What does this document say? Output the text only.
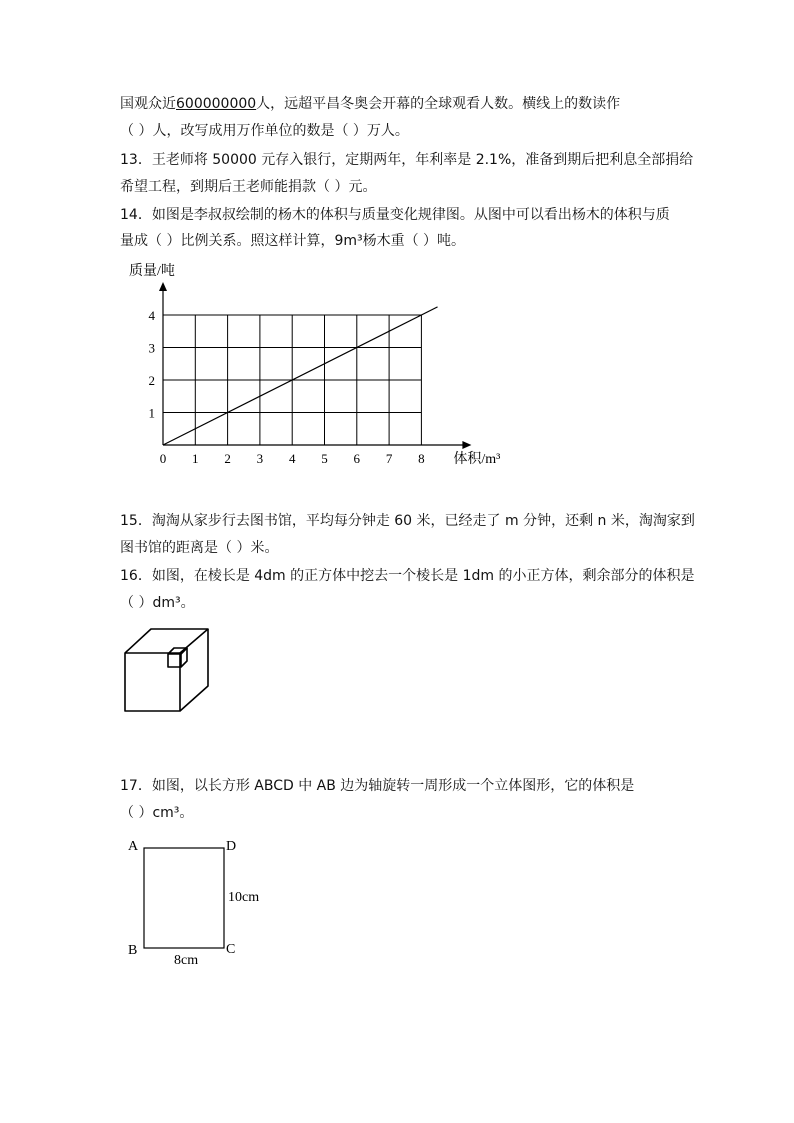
国观众近600000000人，远超平昌冬奥会开幕的全球观看人数。横线上的数读作
（ ）人，改写成用万作单位的数是（ ）万人。
13．王老师将 50000 元存入银行，定期两年，年利率是 2.1%，准备到期后把利息全部捐给
希望工程，到期后王老师能捐款（ ）元。
14．如图是李叔叔绘制的杨木的体积与质量变化规律图。从图中可以看出杨木的体积与质
量成（ ）比例关系。照这样计算，9m³杨木重（ ）吨。
0 1 2 3 4 5 6 7 8
1
2
3
4
质量/吨
体积/m³
15．淘淘从家步行去图书馆，平均每分钟走 60 米，已经走了 m 分钟，还剩 n 米，淘淘家到
图书馆的距离是（ ）米。
16．如图，在棱长是 4dm 的正方体中挖去一个棱长是 1dm 的小正方体，剩余部分的体积是
（ ）dm³。
17．如图，以长方形 ABCD 中 AB 边为轴旋转一周形成一个立体图形，它的体积是
（ ）cm³。
A	D
B	C
10cm
8cm
